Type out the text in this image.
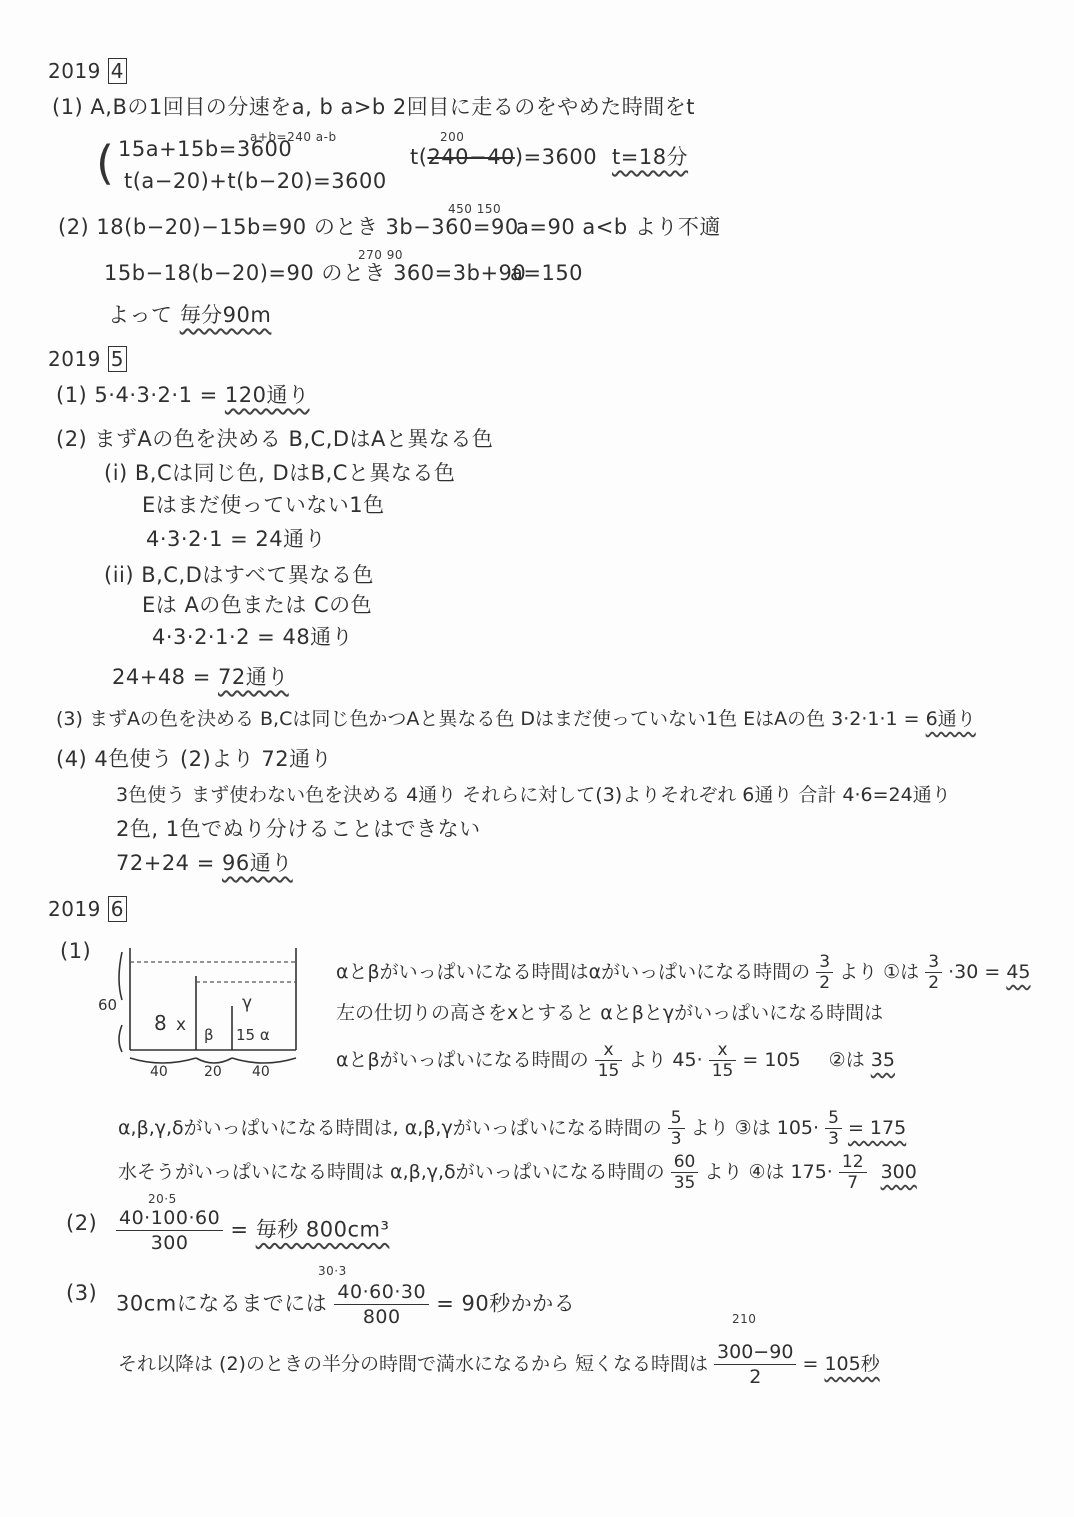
2019 4
(1) A,Bの1回目の分速をa, b a>b 2回目に走るのをやめた時間をt
( 15a+15b=3600
a+b=240 a-b
t(a−20)+t(b−20)=3600
t(240−40)=3600
200
t=18分
(2) 18(b−20)−15b=90 のとき 3b−360=90
450 150
a=90 a<b より不適
15b−18(b−20)=90 のとき 360=3b+90
270 90
a=150
よって 毎分90m
2019 5
(1) 5·4·3·2·1 = 120通り
(2) まずAの色を決める B,C,DはAと異なる色
(i) B,Cは同じ色, DはB,Cと異なる色
Eはまだ使っていない1色
4·3·2·1 = 24通り
(ii) B,C,Dはすべて異なる色
Eは Aの色または Cの色
4·3·2·1·2 = 48通り
24+48 = 72通り
(3) まずAの色を決める B,Cは同じ色かつAと異なる色 Dはまだ使っていない1色 EはAの色 3·2·1·1 = 6通り
(4) 4色使う (2)より 72通り
3色使う まず使わない色を決める 4通り それらに対して(3)よりそれぞれ 6通り 合計 4·6=24通り
2色, 1色でぬり分けることはできない
72+24 = 96通り
2019 6
(1)
60
8 x β
γ
15 α
40	20 40
αとβがいっぱいになる時間はαがいっぱいになる時間の $\frac{3}{2}$ より ①は $\frac{3}{2} \cdot 30 = 45$
左の仕切りの高さをxとすると αとβとγがいっぱいになる時間は
αとβがいっぱいになる時間の $\frac{x}{15}$ より $45\cdot \frac{x}{15} = 105$ ②は 35
α,β,γ,δがいっぱいになる時間は, α,β,γがいっぱいになる時間の $\frac{5}{3}$ より ③は $105\cdot \frac{5}{3} = 175$
水そうがいっぱいになる時間は α,β,γ,δがいっぱいになる時間の $\frac{60}{35}$ より ④は $175\cdot \frac{12}{7} 300$
(2)
20·5
$\frac{40\cdot 100\cdot 60}{300}$ = 毎秒 800cm³
(3)
30·3
30cmになるまでには $\frac{40\cdot 60\cdot 30}{800} = 90$秒かかる
210
それ以降は (2)のときの半分の時間で満水になるから 短くなる時間は $\frac{300-90}{2} = 105$秒
